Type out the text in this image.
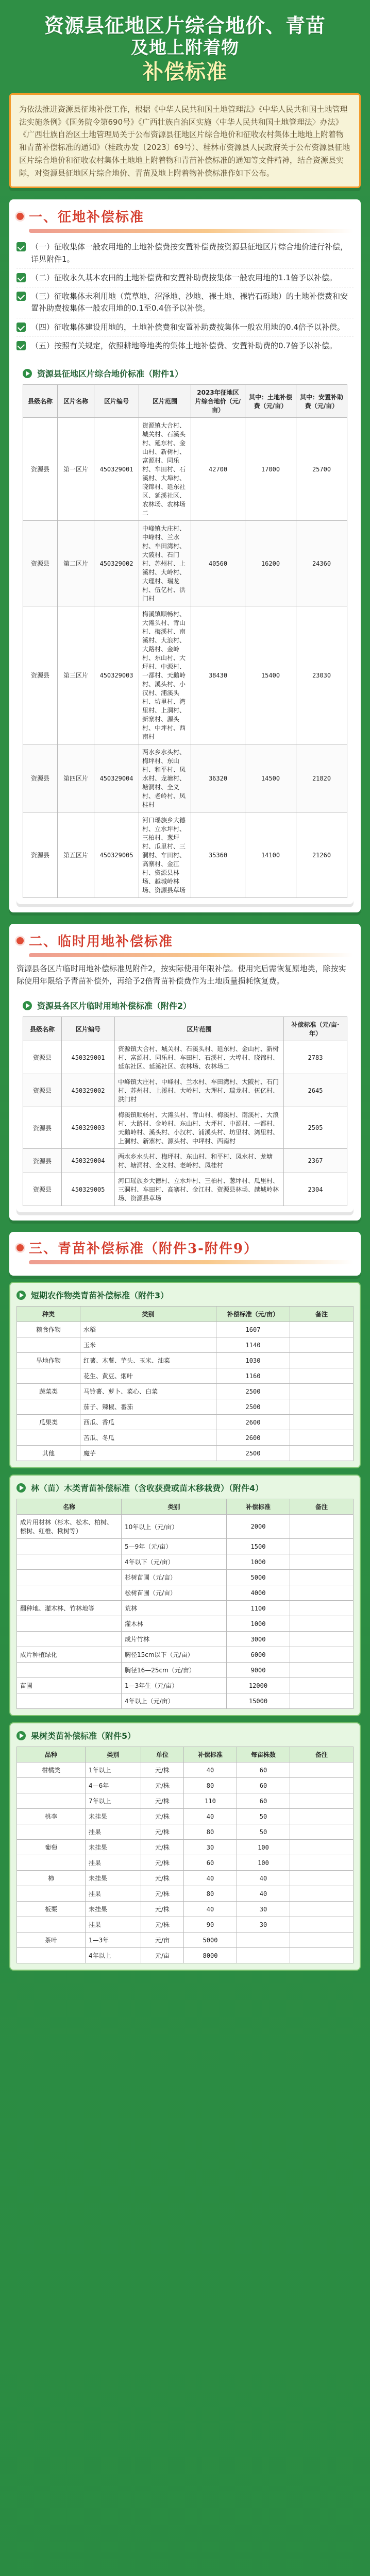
资源县征地区片综合地价、青苗
及地上附着物
补偿标准
为依法推进资源县征地补偿工作，根据《中华人民共和国土地管理法》《中华人民共和国土地管理法实施条例》《国务院令第690号》《广西壮族自治区实施〈中华人民共和国土地管理法〉办法》《广西壮族自治区土地管理局关于公布资源县征地区片综合地价和征收农村集体土地地上附着物和青苗补偿标准的通知》（桂政办发〔2023〕69号）、桂林市资源县人民政府关于公布资源县征地区片综合地价和征收农村集体土地地上附着物和青苗补偿标准的通知等文件精神，结合资源县实际，对资源县征地区片综合地价、青苗及地上附着物补偿标准作如下公布。
一、征地补偿标准
（一）征收集体一般农用地的土地补偿费按安置补偿费按资源县征地区片综合地价进行补偿，详见附件1。
（二）征收永久基本农田的土地补偿费和安置补助费按集体一般农用地的1.1倍予以补偿。
（三）征收集体未利用地（荒草地、沼泽地、沙地、裸土地、裸岩石砾地）的土地补偿费和安置补助费按集体一般农用地的0.1至0.4倍予以补偿。
（四）征收集体建设用地的，土地补偿费和安置补助费按集体一般农用地的0.4倍予以补偿。
（五）按照有关规定，依照耕地等地类的集体土地补偿费、安置补助费的0.7倍予以补偿。
资源县征地区片综合地价标准（附件1）
县级名称	区片名称	区片编号	区片范围	2023年征地区片综合地价（元/亩）	其中：土地补偿费（元/亩）	其中：安置补助费（元/亩）
资源县	第一区片	450329001	资源镇大合村、城关村、石溪头村、延东村、金山村、新树村、富源村、同乐村、车田村、石溪村、大埠村、晓锦村、延东社区、延溪社区、农林场、农林场二	42700	17000	25700
资源县	第二区片	450329002	中峰镇大庄村、中峰村、兰水村、车田湾村、大陂村、石门村、苏州村、上溪村、大岭村、大理村、瑞龙村、伍亿村、洪门村	40560	16200	24360
资源县	第三区片	450329003	梅溪镇顺畅村、大滩头村、青山村、梅溪村、南溪村、大浪村、大路村、金岭村、东山村、大坪村、中源村、一都村、天鹅岭村、溪头村、小汉村、浦溪头村、坊里村、湾里村、上洞村、新寨村、源头村、中坪村、西南村	38430	15400	23030
资源县	第四区片	450329004	两水乡水头村、梅坪村、东山村、和平村、凤水村、龙塘村、塘洞村、全义村、老岭村、凤桂村	36320	14500	21820
资源县	第五区片	450329005	河口瑶族乡大德村、立水坪村、三柏村、葱坪村、瓜里村、三洞村、车田村、高寨村、金江村、资源县林场、越城岭林场、资源县草场	35360	14100	21260
二、临时用地补偿标准
资源县各区片临时用地补偿标准见附件2，按实际使用年限补偿。使用完后需恢复原地类，除按实际使用年限给予青苗补偿外，再给予2倍青苗补偿费作为土地质量损耗恢复费。
资源县各区片临时用地补偿标准（附件2）
县级名称	区片编号	区片范围	补偿标准（元/亩·年）
资源县	450329001	资源镇大合村、城关村、石溪头村、延东村、金山村、新树村、富源村、同乐村、车田村、石溪村、大埠村、晓锦村、延东社区、延溪社区、农林场、农林场二	2783
资源县	450329002	中峰镇大庄村、中峰村、兰水村、车田湾村、大陂村、石门村、苏州村、上溪村、大岭村、大理村、瑞龙村、伍亿村、洪门村	2645
资源县	450329003	梅溪镇顺畅村、大滩头村、青山村、梅溪村、南溪村、大浪村、大路村、金岭村、东山村、大坪村、中源村、一都村、天鹅岭村、溪头村、小汉村、浦溪头村、坊里村、湾里村、上洞村、新寨村、源头村、中坪村、西南村	2505
资源县	450329004	两水乡水头村、梅坪村、东山村、和平村、凤水村、龙塘村、塘洞村、全义村、老岭村、凤桂村	2367
资源县	450329005	河口瑶族乡大德村、立水坪村、三柏村、葱坪村、瓜里村、三洞村、车田村、高寨村、金江村、资源县林场、越城岭林场、资源县草场	2304
三、青苗补偿标准（附件3-附件9）
短期农作物类青苗补偿标准（附件3）
种类	类别	补偿标准（元/亩）	备注
粮食作物	水稻	1607	
	玉米	1140	
旱地作物	红薯、木薯、芋头、玉米、油菜	1030	
	花生、黄豆、烟叶	1160	
蔬菜类	马铃薯、萝卜、菜心、白菜	2500	
	茄子、辣椒、番茄	2500	
瓜果类	西瓜、香瓜	2600	
	苦瓜、冬瓜	2600	
其他	魔芋	2500	
林（苗）木类青苗补偿标准（含收获费或苗木移栽费）（附件4）
名称	类别	补偿标准	备注
成片用材林（杉木、松木、柏树、檫树、红椎、楸树等）	10年以上（元/亩）	2000	
	5—9年（元/亩）	1500	
	4年以下（元/亩）	1000	
	杉树苗圃（元/亩）	5000	
	松树苗圃（元/亩）	4000	
翻种地、灌木林、竹林地等	荒林	1100	
	灌木林	1000	
	成片竹林	3000	
成片种植绿化	胸径15cm以下（元/亩）	6000	
	胸径16—25cm（元/亩）	9000	
苗圃	1—3年生（元/亩）	12000	
	4年以上（元/亩）	15000	
果树类苗补偿标准（附件5）
品种	类别	单位	补偿标准	每亩株数	备注
柑橘类	1年以上	元/株	40	60	
	4—6年	元/株	80	60	
	7年以上	元/株	110	60	
桃李	未挂果	元/株	40	50	
	挂果	元/株	80	50	
葡萄	未挂果	元/株	30	100	
	挂果	元/株	60	100	
柿	未挂果	元/株	40	40	
	挂果	元/株	80	40	
板栗	未挂果	元/株	40	30	
	挂果	元/株	90	30	
茶叶	1—3年	元/亩	5000		
	4年以上	元/亩	8000		
